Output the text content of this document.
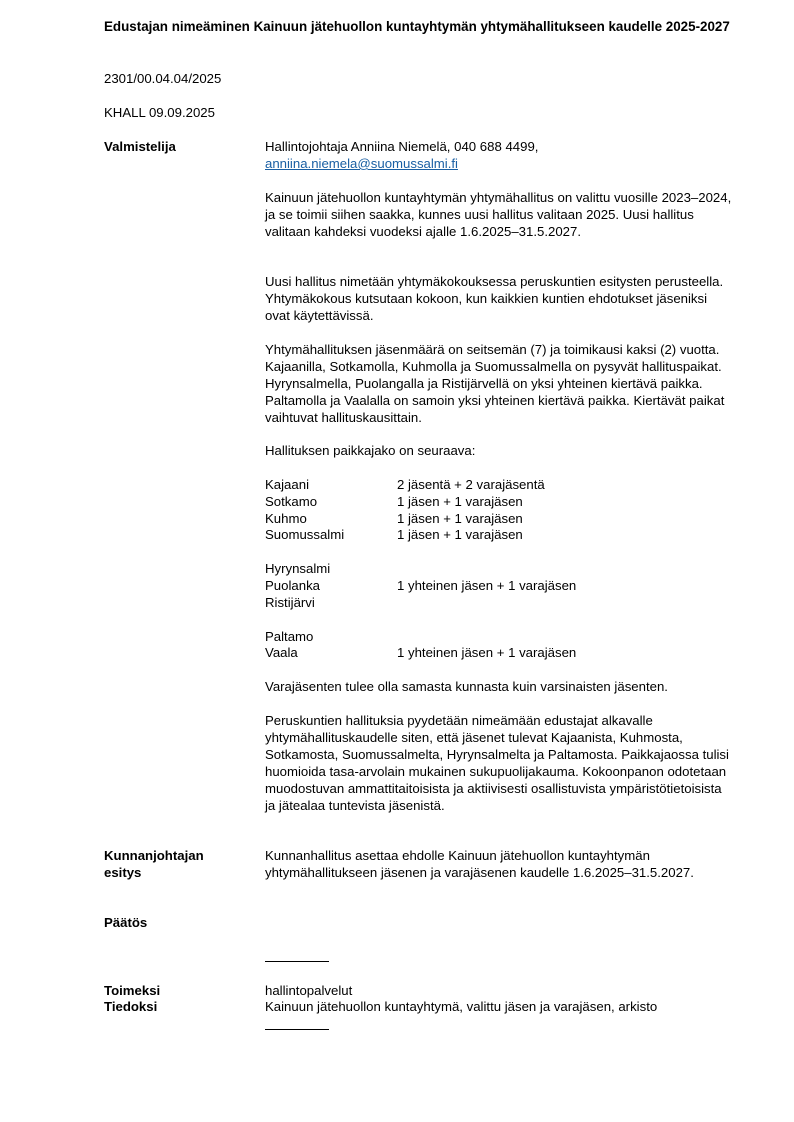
Edustajan nimeäminen Kainuun jätehuollon kuntayhtymän yhtymähallitukseen kaudelle 2025-2027
2301/00.04.04/2025
KHALL 09.09.2025
Valmistelija	Hallintojohtaja Anniina Niemelä, 040 688 4499,

anniina.niemela@suomussalmi.fi

Kainuun jätehuollon kuntayhtymän yhtymähallitus on valittu vuosille 2023–2024, ja se toimii siihen saakka, kunnes uusi hallitus valitaan 2025. Uusi hallitus valitaan kahdeksi vuodeksi ajalle 1.6.2025–31.5.2027.
Uusi hallitus nimetään yhtymäkokouksessa peruskuntien esitysten perusteella. Yhtymäkokous kutsutaan kokoon, kun kaikkien kuntien ehdotukset jäseniksi ovat käytettävissä.
Yhtymähallituksen jäsenmäärä on seitsemän (7) ja toimikausi kaksi (2) vuotta. Kajaanilla, Sotkamolla, Kuhmolla ja Suomussalmella on pysyvät hallituspaikat. Hyrynsalmella, Puolangalla ja Ristijärvellä on yksi yhteinen kiertävä paikka. Paltamolla ja Vaalalla on samoin yksi yhteinen kiertävä paikka. Kiertävät paikat vaihtuvat hallituskausittain.
Hallituksen paikkajako on seuraava:
Kajaani	2 jäsentä + 2 varajäsentä
Sotkamo	1 jäsen + 1 varajäsen
Kuhmo	1 jäsen + 1 varajäsen
Suomussalmi	1 jäsen + 1 varajäsen
Hyrynsalmi
Puolanka	1 yhteinen jäsen + 1 varajäsen
Ristijärvi
Paltamo
Vaala	1 yhteinen jäsen + 1 varajäsen
Varajäsenten tulee olla samasta kunnasta kuin varsinaisten jäsenten.
Peruskuntien hallituksia pyydetään nimeämään edustajat alkavalle yhtymähallituskaudelle siten, että jäsenet tulevat Kajaanista, Kuhmosta, Sotkamosta, Suomussalmelta, Hyrynsalmelta ja Paltamosta. Paikkajaossa tulisi huomioida tasa-arvolain mukainen sukupuolijakauma. Kokoonpanon odotetaan muodostuvan ammattitaitoisista ja aktiivisesti osallistuvista ympäristötietoisista ja jätealaa tuntevista jäsenistä.

Kunnanjohtajan

esitys

Kunnanhallitus asettaa ehdolle Kainuun jätehuollon kuntayhtymän yhtymähallitukseen jäsenen ja varajäsenen kaudelle 1.6.2025–31.5.2027.
Päätös
Toimeksi	hallintopalvelut
Tiedoksi	Kainuun jätehuollon kuntayhtymä, valittu jäsen ja varajäsen, arkisto
